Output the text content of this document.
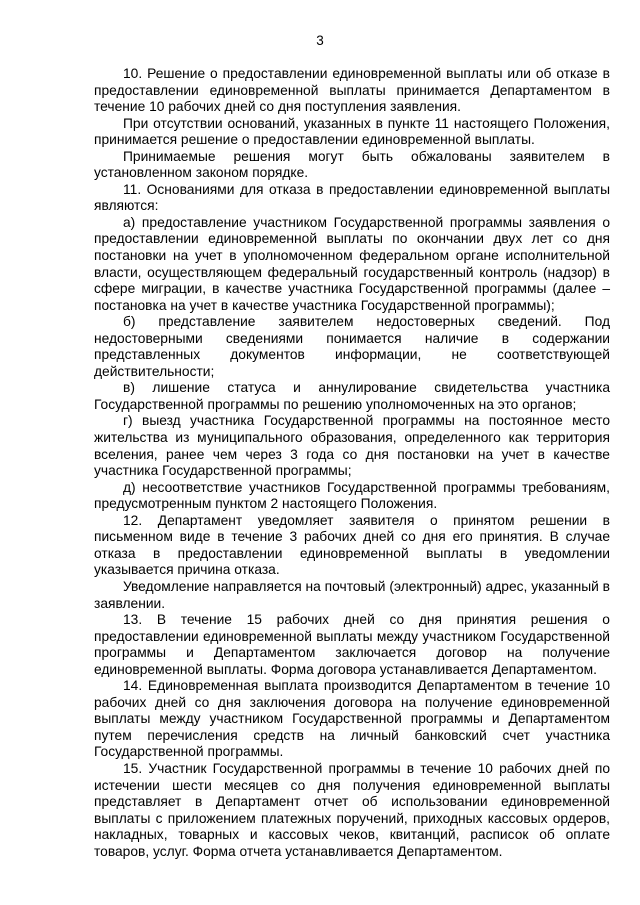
3

10. Решение о предоставлении единовременной выплаты или об отказе в предоставлении единовременной выплаты принимается Департаментом в течение 10 рабочих дней со дня поступления заявления.

При отсутствии оснований, указанных в пункте 11 настоящего Положения, принимается решение о предоставлении единовременной выплаты.

Принимаемые решения могут быть обжалованы заявителем в установленном законом порядке.

11. Основаниями для отказа в предоставлении единовременной выплаты являются:

а) предоставление участником Государственной программы заявления о предоставлении единовременной выплаты по окончании двух лет со дня постановки на учет в уполномоченном федеральном органе исполнительной власти, осуществляющем федеральный государственный контроль (надзор) в сфере миграции, в качестве участника Государственной программы (далее – постановка на учет в качестве участника Государственной программы);

б) представление заявителем недостоверных сведений. Под недостоверными сведениями понимается наличие в содержании представленных документов информации, не соответствующей действительности;

в) лишение статуса и аннулирование свидетельства участника Государственной программы по решению уполномоченных на это органов;

г) выезд участника Государственной программы на постоянное место жительства из муниципального образования, определенного как территория вселения, ранее чем через 3 года со дня постановки на учет в качестве участника Государственной программы;

д) несоответствие участников Государственной программы требованиям, предусмотренным пунктом 2 настоящего Положения.

12. Департамент уведомляет заявителя о принятом решении в письменном виде в течение 3 рабочих дней со дня его принятия. В случае отказа в предоставлении единовременной выплаты в уведомлении указывается причина отказа.

Уведомление направляется на почтовый (электронный) адрес, указанный в заявлении.

13. В течение 15 рабочих дней со дня принятия решения о предоставлении единовременной выплаты между участником Государственной программы и Департаментом заключается договор на получение единовременной выплаты. Форма договора устанавливается Департаментом.

14. Единовременная выплата производится Департаментом в течение 10 рабочих дней со дня заключения договора на получение единовременной выплаты между участником Государственной программы и Департаментом путем перечисления средств на личный банковский счет участника Государственной программы.

15. Участник Государственной программы в течение 10 рабочих дней по истечении шести месяцев со дня получения единовременной выплаты представляет в Департамент отчет об использовании единовременной выплаты с приложением платежных поручений, приходных кассовых ордеров, накладных, товарных и кассовых чеков, квитанций, расписок об оплате товаров, услуг. Форма отчета устанавливается Департаментом.
